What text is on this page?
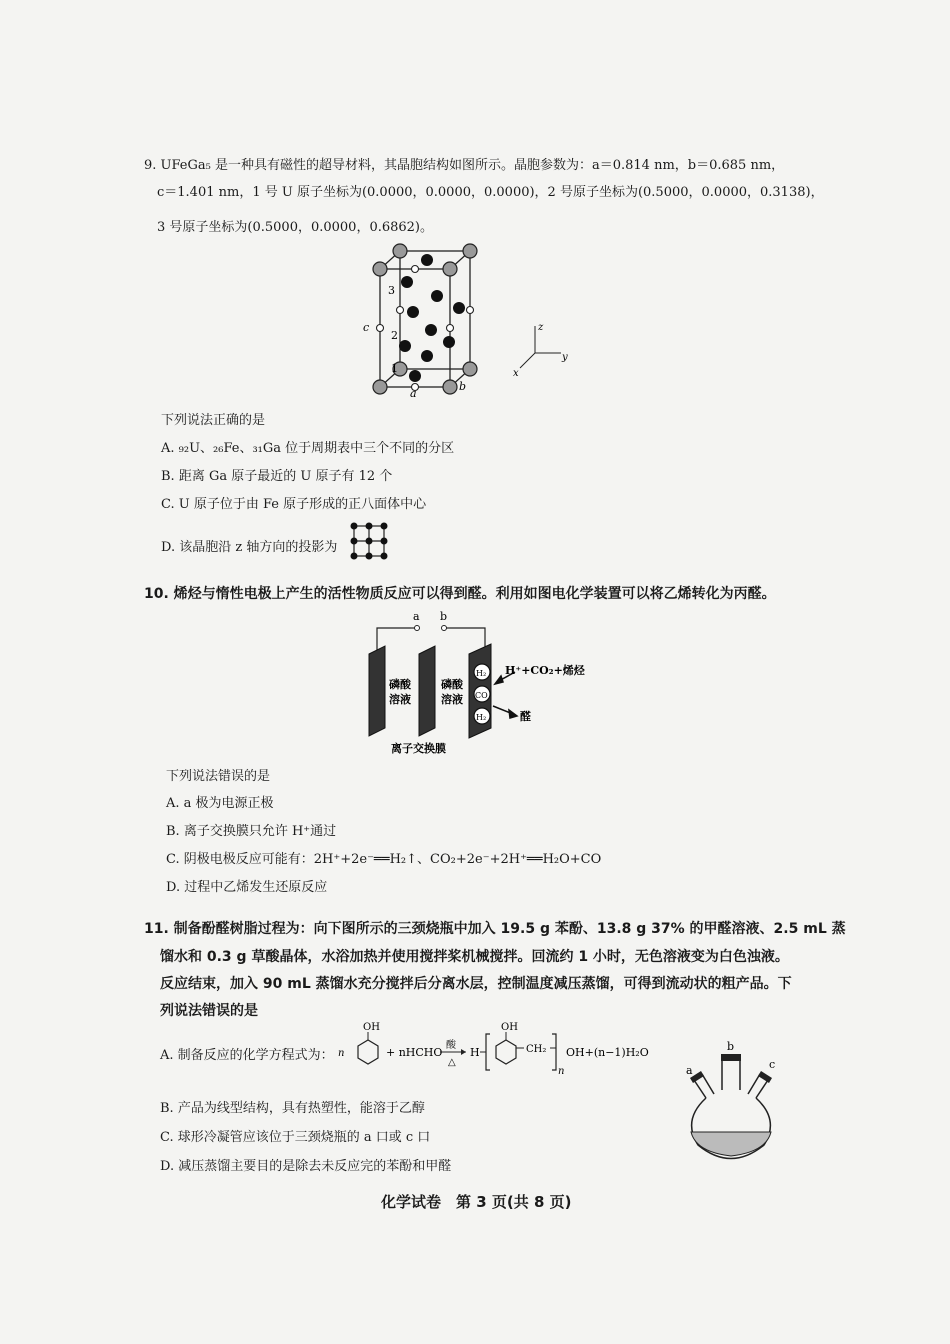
9. UFeGa₅ 是一种具有磁性的超导材料，其晶胞结构如图所示。晶胞参数为：a＝0.814 nm，b＝0.685 nm，
c＝1.401 nm，1 号 U 原子坐标为(0.0000，0.0000，0.0000)，2 号原子坐标为(0.5000，0.0000，0.3138)，
3 号原子坐标为(0.5000，0.0000，0.6862)。
c
a
b
3
2
1
z
y
x
下列说法正确的是
A. ₉₂U、₂₆Fe、₃₁Ga 位于周期表中三个不同的分区
B. 距离 Ga 原子最近的 U 原子有 12 个
C. U 原子位于由 Fe 原子形成的正八面体中心
D. 该晶胞沿 z 轴方向的投影为
10. 烯烃与惰性电极上产生的活性物质反应可以得到醛。利用如图电化学装置可以将乙烯转化为丙醛。
a b
H₂
CO
H₂
磷酸
溶液
磷酸
溶液
H⁺+CO₂+烯烃
醛
离子交换膜
下列说法错误的是
A. a 极为电源正极
B. 离子交换膜只允许 H⁺通过
C. 阴极电极反应可能有：2H⁺+2e⁻══H₂↑、CO₂+2e⁻+2H⁺══H₂O+CO
D. 过程中乙烯发生还原反应
11. 制备酚醛树脂过程为：向下图所示的三颈烧瓶中加入 19.5 g 苯酚、13.8 g 37% 的甲醛溶液、2.5 mL 蒸
馏水和 0.3 g 草酸晶体，水浴加热并使用搅拌桨机械搅拌。回流约 1 小时，无色溶液变为白色浊液。
反应结束，加入 90 mL 蒸馏水充分搅拌后分离水层，控制温度减压蒸馏，可得到流动状的粗产品。下
列说法错误的是
A. 制备反应的化学方程式为： n
OH
+ nHCHO
酸
△
H
OH
CH₂
n
OH+(n−1)H₂O
a
b
c
B. 产品为线型结构，具有热塑性，能溶于乙醇
C. 球形冷凝管应该位于三颈烧瓶的 a 口或 c 口
D. 减压蒸馏主要目的是除去未反应完的苯酚和甲醛
化学试卷　第 3 页(共 8 页)
